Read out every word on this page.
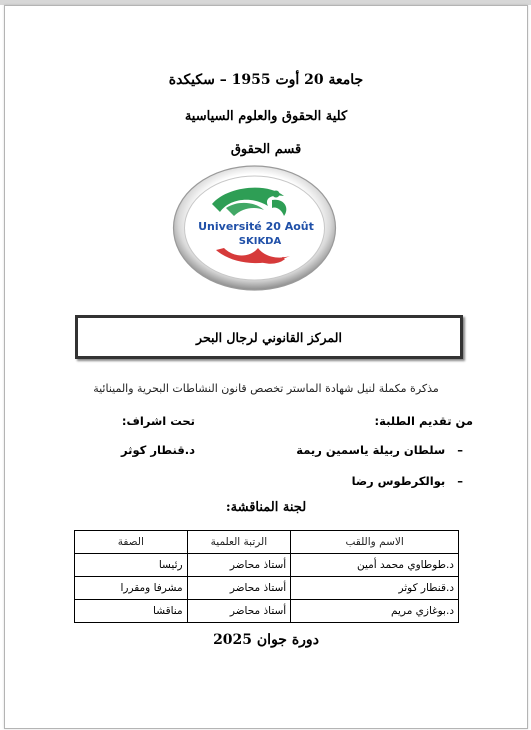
جامعة 20 أوت 1955 – سكيكدة
كلية الحقوق والعلوم السياسية
قسم الحقوق
Université 20 Août
SKIKDA
المركز القانوني لرجال البحر
مذكرة مكملة لنيل شهادة الماستر تخصص قانون النشاطات البحرية والمينائية
من تقديم الطلبة:
تحت اشراف:
–   سلطان ربيلة ياسمين ريمة
د.قنطار كوثر
–   بوالكرطوس رضا
لجنة المناقشة:
الاسم واللقب	الرتبة العلمية	الصفة
د.طوطاوي محمد أمين	أستاذ محاضر	رئيسا
د.قنطار كوثر	أستاذ محاضر	مشرفا ومقررا
د.بوغازي مريم	أستاذ محاضر	مناقشا
دورة جوان 2025
